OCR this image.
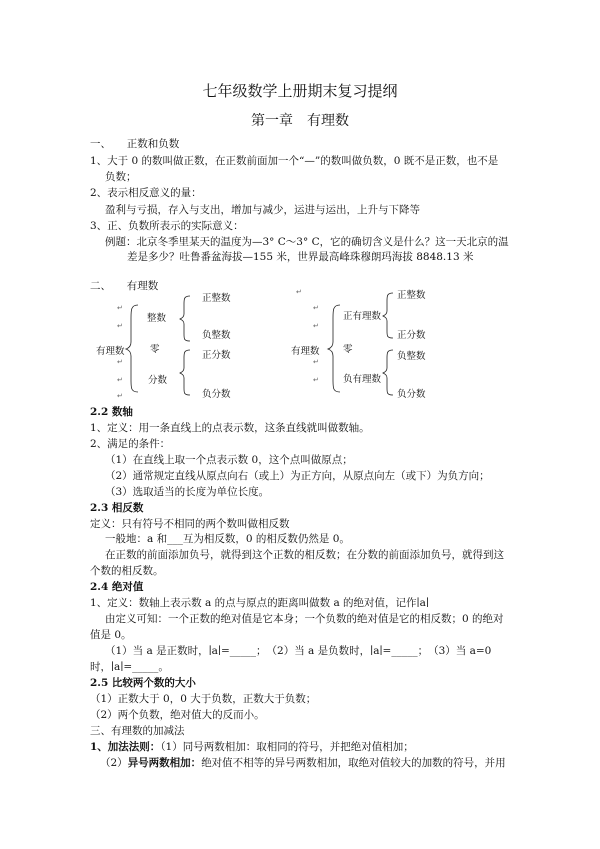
七年级数学上册期末复习提纲
第一章　有理数
一、　　正数和负数
1、大于 0 的数叫做正数，在正数前面加一个“—”的数叫做负数，0 既不是正数，也不是
负数；
2、表示相反意义的量：
盈利与亏损，存入与支出，增加与减少，运进与运出，上升与下降等
3、正、负数所表示的实际意义：
例题：北京冬季里某天的温度为—3° C～3° C，它的确切含义是什么？这一天北京的温
差是多少？吐鲁番盆海拔—155 米，世界最高峰珠穆朗玛海拔 8848.13 米
二、　　有理数
有理数
整数
正整数
负整数
零
分数
正分数
负分数
有理数
正有理数
正整数
正分数
零
负有理数
负整数
负分数
↵
↵
↵
↵
↵
↵
↵
↵
↵
↵
2.2 数轴
1、定义：用一条直线上的点表示数，这条直线就叫做数轴。
2、满足的条件：
（1）在直线上取一个点表示数 0，这个点叫做原点；
（2）通常规定直线从原点向右（或上）为正方向，从原点向左（或下）为负方向；
（3）选取适当的长度为单位长度。
2.3 相反数
定义：只有符号不相同的两个数叫做相反数
一般地：a 和___互为相反数，0 的相反数仍然是 0。
在正数的前面添加负号，就得到这个正数的相反数；在分数的前面添加负号，就得到这
个数的相反数。
2.4 绝对值
1、定义：数轴上表示数 a 的点与原点的距离叫做数 a 的绝对值，记作∣a∣
由定义可知：一个正数的绝对值是它本身；一个负数的绝对值是它的相反数；0 的绝对
值是 0。
（1）当 a 是正数时，∣a∣=_____；　（2）当 a 是负数时，∣a∣=_____；　（3）当 a=0
时，∣a∣=_____。
2.5 比较两个数的大小
（1）正数大于 0，0 大于负数，正数大于负数；
（2）两个负数，绝对值大的反而小。
三、有理数的加减法
1、加法法则：（1）同号两数相加：取相同的符号，并把绝对值相加；
（2）异号两数相加：绝对值不相等的异号两数相加，取绝对值较大的加数的符号，并用
